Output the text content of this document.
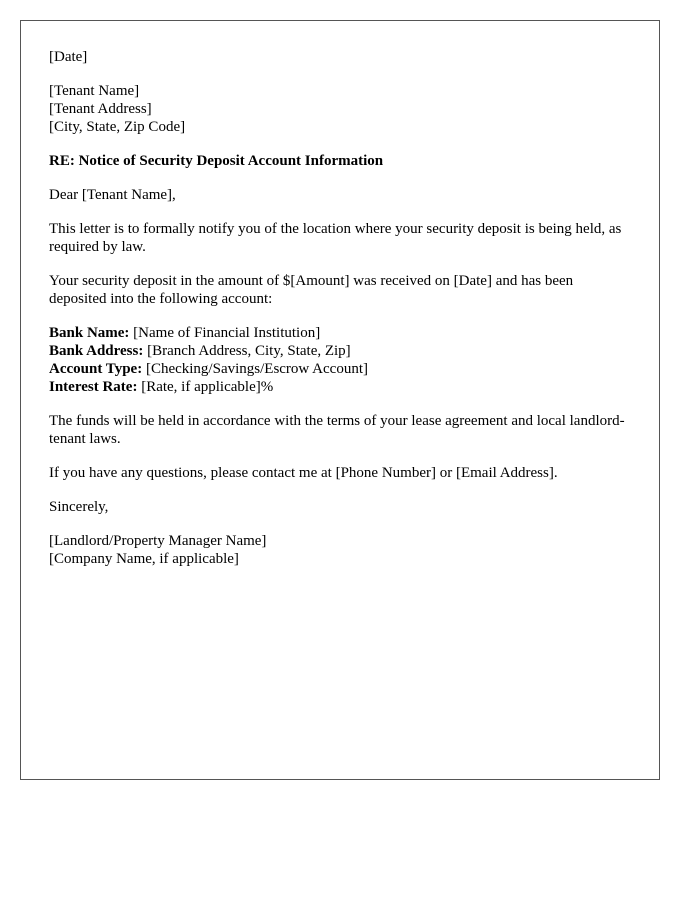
[Date]
[Tenant Name]
[Tenant Address]
[City, State, Zip Code]
RE: Notice of Security Deposit Account Information
Dear [Tenant Name],
This letter is to formally notify you of the location where your security deposit is being held, as required by law.
Your security deposit in the amount of $[Amount] was received on [Date] and has been deposited into the following account:
Bank Name: [Name of Financial Institution]
Bank Address: [Branch Address, City, State, Zip]
Account Type: [Checking/Savings/Escrow Account]
Interest Rate: [Rate, if applicable]%
The funds will be held in accordance with the terms of your lease agreement and local landlord-tenant laws.
If you have any questions, please contact me at [Phone Number] or [Email Address].
Sincerely,
[Landlord/Property Manager Name]
[Company Name, if applicable]
